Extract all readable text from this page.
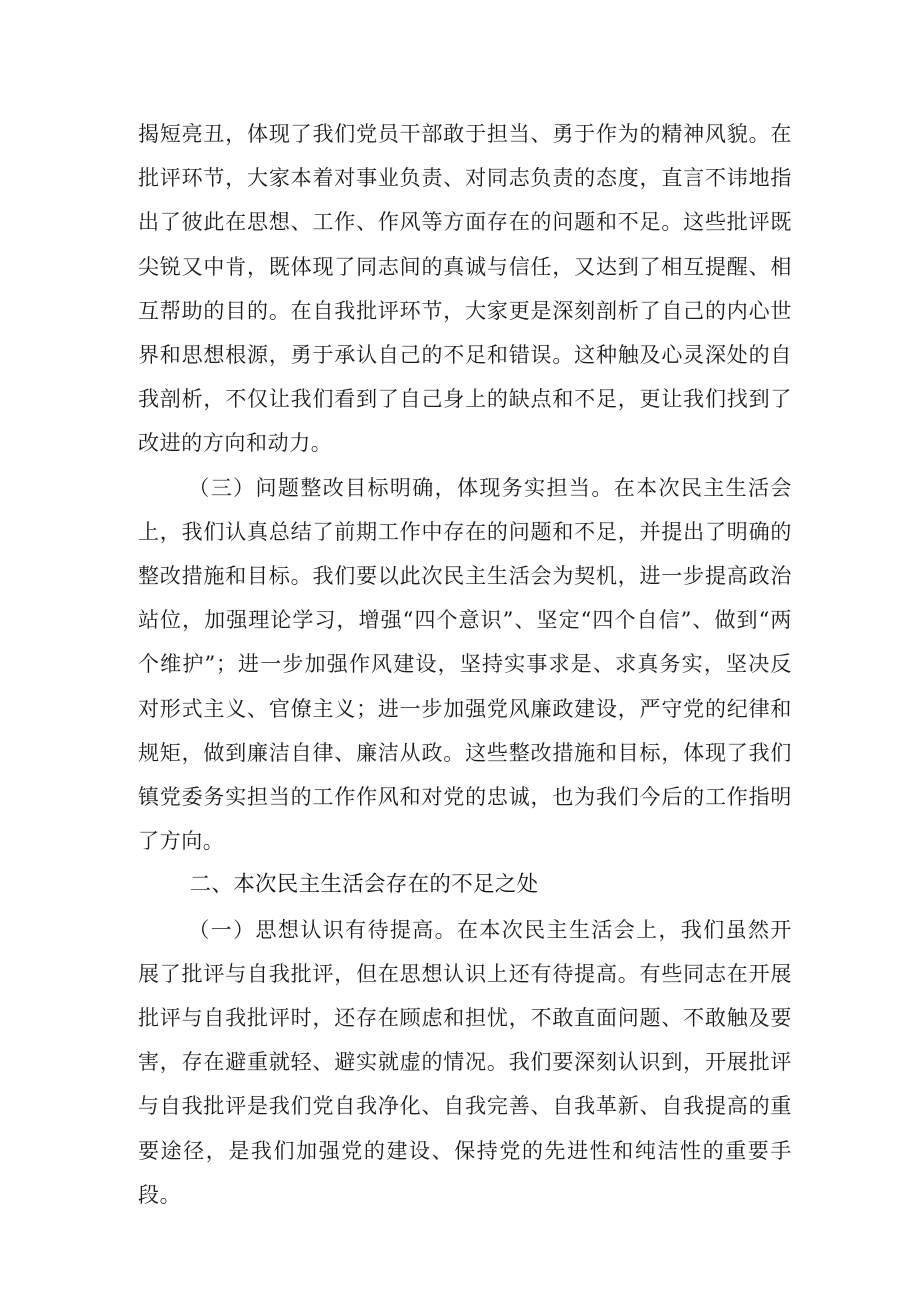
揭短亮丑，体现了我们党员干部敢于担当、勇于作为的精神风貌。在批评环节，大家本着对事业负责、对同志负责的态度，直言不讳地指出了彼此在思想、工作、作风等方面存在的问题和不足。这些批评既尖锐又中肯，既体现了同志间的真诚与信任，又达到了相互提醒、相互帮助的目的。在自我批评环节，大家更是深刻剖析了自己的内心世界和思想根源，勇于承认自己的不足和错误。这种触及心灵深处的自我剖析，不仅让我们看到了自己身上的缺点和不足，更让我们找到了改进的方向和动力。

（三）问题整改目标明确，体现务实担当。在本次民主生活会上，我们认真总结了前期工作中存在的问题和不足，并提出了明确的整改措施和目标。我们要以此次民主生活会为契机，进一步提高政治站位，加强理论学习，增强“四个意识”、坚定“四个自信”、做到“两个维护”；进一步加强作风建设，坚持实事求是、求真务实，坚决反对形式主义、官僚主义；进一步加强党风廉政建设，严守党的纪律和规矩，做到廉洁自律、廉洁从政。这些整改措施和目标，体现了我们镇党委务实担当的工作作风和对党的忠诚，也为我们今后的工作指明了方向。

二、本次民主生活会存在的不足之处

（一）思想认识有待提高。在本次民主生活会上，我们虽然开展了批评与自我批评，但在思想认识上还有待提高。有些同志在开展批评与自我批评时，还存在顾虑和担忧，不敢直面问题、不敢触及要害，存在避重就轻、避实就虚的情况。我们要深刻认识到，开展批评与自我批评是我们党自我净化、自我完善、自我革新、自我提高的重要途径，是我们加强党的建设、保持党的先进性和纯洁性的重要手段。
